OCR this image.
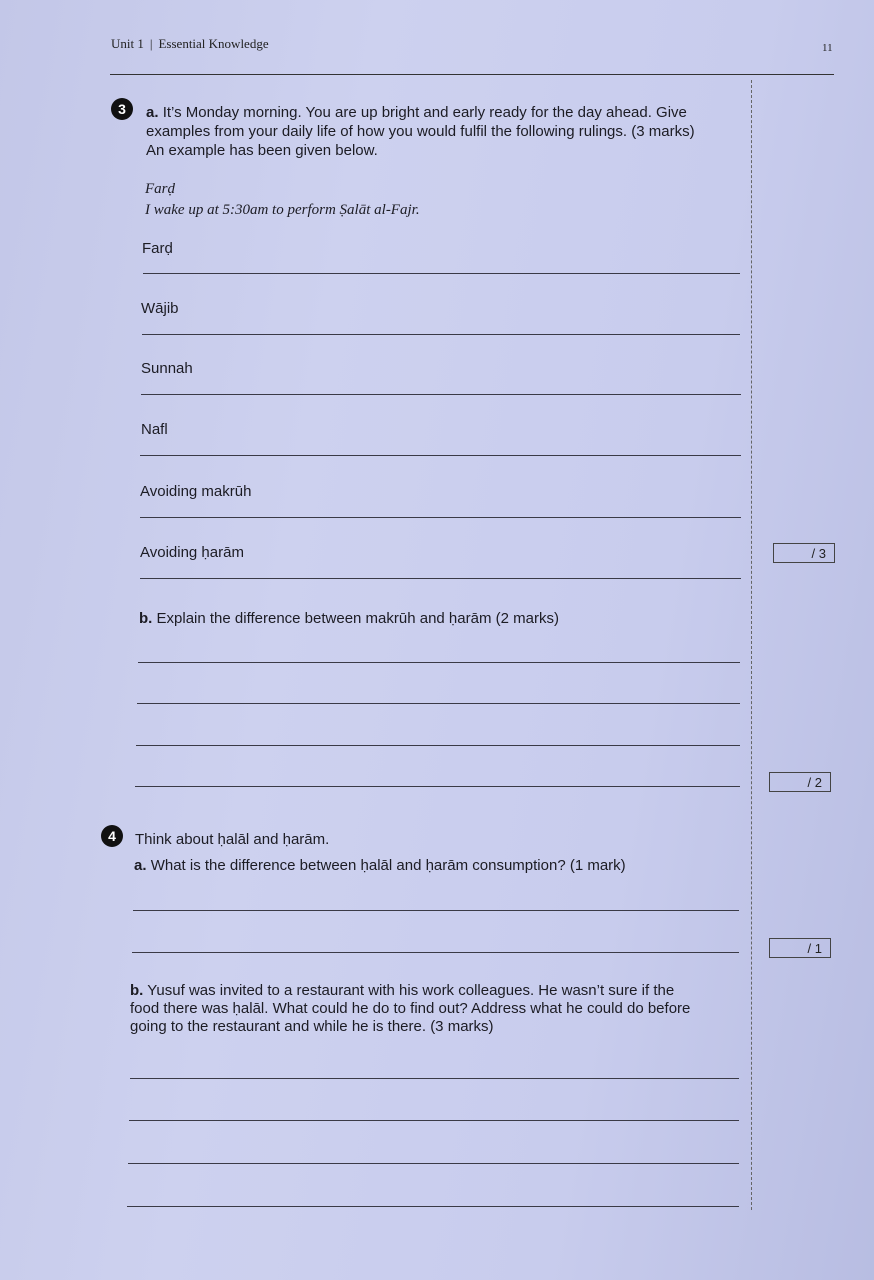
Unit 1 | Essential Knowledge	11
3	a. It’s Monday morning. You are up bright and early ready for the day ahead. Give
examples from your daily life of how you would fulfil the following rulings. (3 marks)
An example has been given below.
Farḍ
I wake up at 5:30am to perform Ṣalāt al-Fajr.
Farḍ
Wājib
Sunnah
Nafl
Avoiding makrūh
Avoiding ḥarām	/ 3
b. Explain the difference between makrūh and ḥarām (2 marks)
/ 2
4	Think about ḥalāl and ḥarām.
a. What is the difference between ḥalāl and ḥarām consumption? (1 mark)
/ 1
b. Yusuf was invited to a restaurant with his work colleagues. He wasn’t sure if the
food there was ḥalāl. What could he do to find out? Address what he could do before
going to the restaurant and while he is there. (3 marks)
